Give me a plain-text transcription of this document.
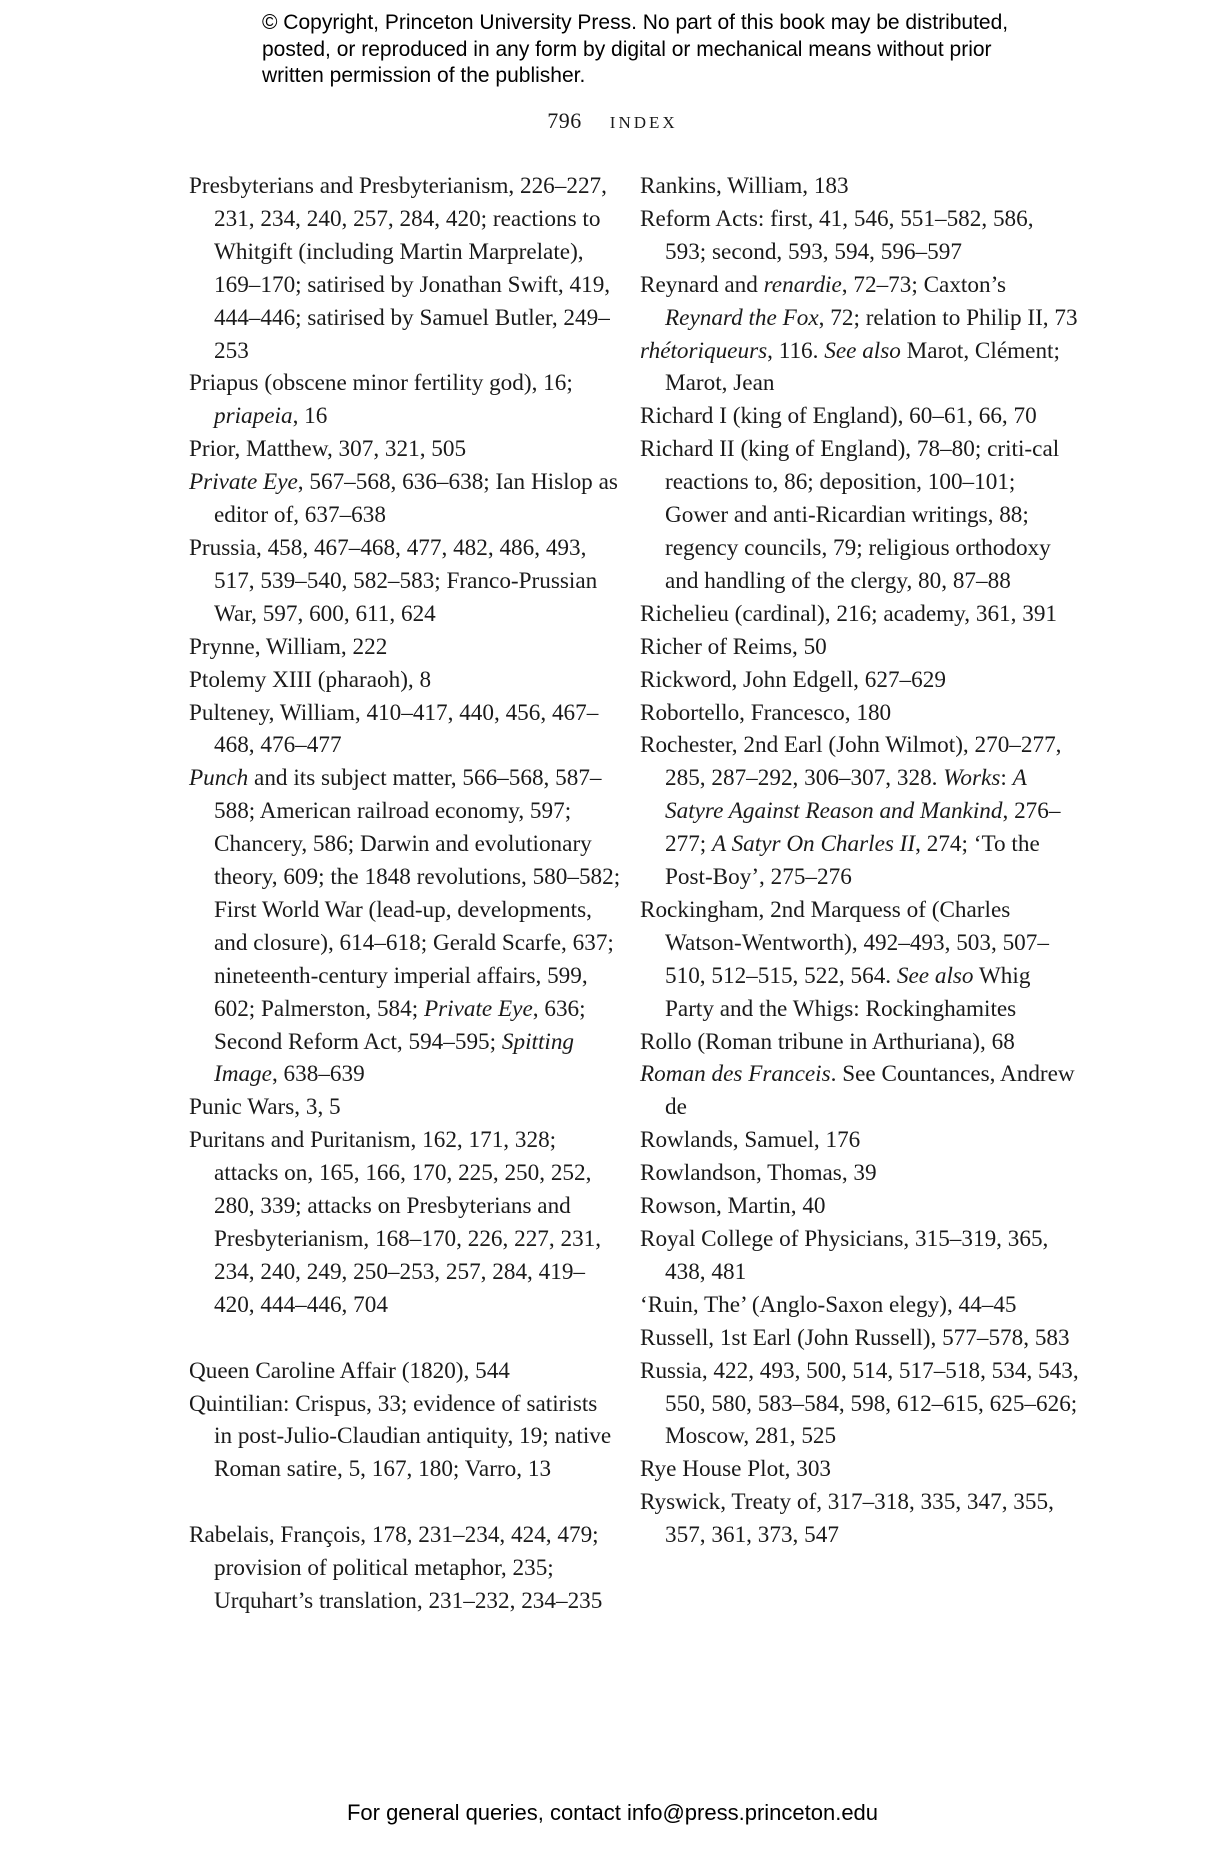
© Copyright, Princeton University Press. No part of this book may be distributed, posted, or reproduced in any form by digital or mechanical means without prior written permission of the publisher.
796 index

Presbyterians and Presbyterianism, 226–227, 231, 234, 240, 257, 284, 420; reactions to Whitgift (including Martin Marprelate), 169–170; satirised by Jonathan Swift, 419, 444–446; satirised by Samuel Butler, 249–253

Priapus (obscene minor fertility god), 16; priapeia, 16

Prior, Matthew, 307, 321, 505

Private Eye, 567–568, 636–638; Ian Hislop as editor of, 637–638

Prussia, 458, 467–468, 477, 482, 486, 493, 517, 539–540, 582–583; Franco-Prussian War, 597, 600, 611, 624

Prynne, William, 222

Ptolemy XIII (pharaoh), 8

Pulteney, William, 410–417, 440, 456, 467–468, 476–477

Punch and its subject matter, 566–568, 587–588; American railroad economy, 597; Chancery, 586; Darwin and evolutionary theory, 609; the 1848 revolutions, 580–582; First World War (lead-up, developments, and closure), 614–618; Gerald Scarfe, 637; nineteenth-century imperial affairs, 599, 602; Palmerston, 584; Private Eye, 636; Second Reform Act, 594–595; Spitting Image, 638–639

Punic Wars, 3, 5

Puritans and Puritanism, 162, 171, 328; attacks on, 165, 166, 170, 225, 250, 252, 280, 339; attacks on Presbyterians and Presbyterianism, 168–170, 226, 227, 231, 234, 240, 249, 250–253, 257, 284, 419–420, 444–446, 704

Queen Caroline Affair (1820), 544

Quintilian: Crispus, 33; evidence of satirists in post-Julio-Claudian antiquity, 19; native Roman satire, 5, 167, 180; Varro, 13

Rabelais, François, 178, 231–234, 424, 479; provision of political metaphor, 235; Urquhart’s translation, 231–232, 234–235

Rankins, William, 183

Reform Acts: first, 41, 546, 551–582, 586, 593; second, 593, 594, 596–597

Reynard and renardie, 72–73; Caxton’s Reynard the Fox, 72; relation to Philip II, 73

rhétoriqueurs, 116. See also Marot, Clément; Marot, Jean

Richard I (king of England), 60–61, 66, 70

Richard II (king of England), 78–80; criti-cal reactions to, 86; deposition, 100–101; Gower and anti-Ricardian writings, 88; regency councils, 79; religious orthodoxy and handling of the clergy, 80, 87–88

Richelieu (cardinal), 216; academy, 361, 391

Richer of Reims, 50

Rickword, John Edgell, 627–629

Robortello, Francesco, 180

Rochester, 2nd Earl (John Wilmot), 270–277, 285, 287–292, 306–307, 328. Works: A Satyre Against Reason and Mankind, 276–277; A Satyr On Charles II, 274; ‘To the Post-Boy’, 275–276

Rockingham, 2nd Marquess of (Charles Watson-Wentworth), 492–493, 503, 507–510, 512–515, 522, 564. See also Whig Party and the Whigs: Rockinghamites

Rollo (Roman tribune in Arthuriana), 68

Roman des Franceis. See Countances, Andrew de

Rowlands, Samuel, 176

Rowlandson, Thomas, 39

Rowson, Martin, 40

Royal College of Physicians, 315–319, 365, 438, 481

‘Ruin, The’ (Anglo-Saxon elegy), 44–45

Russell, 1st Earl (John Russell), 577–578, 583

Russia, 422, 493, 500, 514, 517–518, 534, 543, 550, 580, 583–584, 598, 612–615, 625–626; Moscow, 281, 525

Rye House Plot, 303

Ryswick, Treaty of, 317–318, 335, 347, 355, 357, 361, 373, 547

For general queries, contact info@press.princeton.edu
